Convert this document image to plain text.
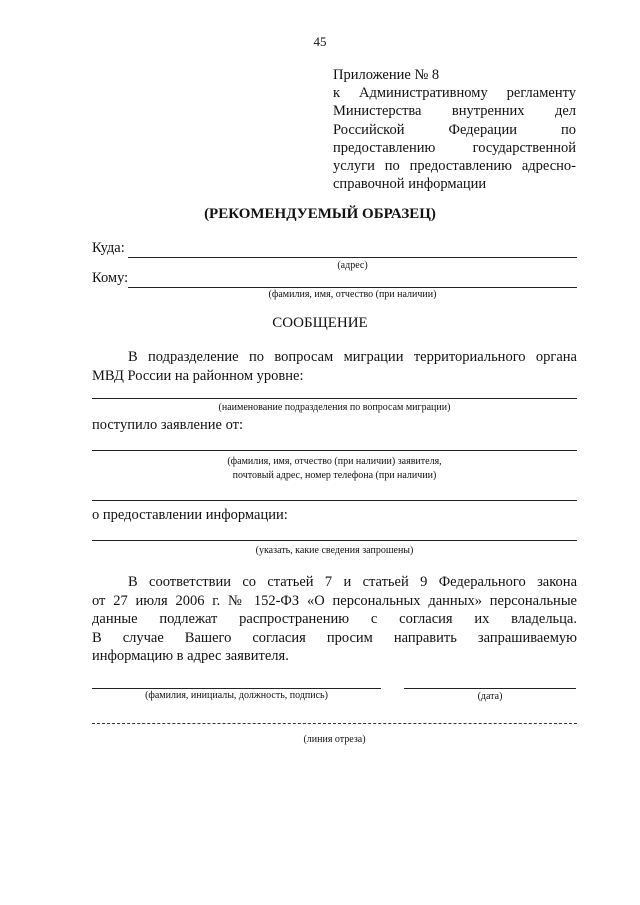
45
Приложение № 8
к Административному регламенту
Министерства внутренних дел
Российской Федерации по
предоставлению государственной
услуги по предоставлению адресно-
справочной информации
(РЕКОМЕНДУЕМЫЙ ОБРАЗЕЦ)
Куда:
(адрес)
Кому:
(фамилия, имя, отчество (при наличии)
СООБЩЕНИЕ
В подразделение по вопросам миграции территориального органа
МВД России на районном уровне:
(наименование подразделения по вопросам миграции)
поступило заявление от:
(фамилия, имя, отчество (при наличии) заявителя,
почтовый адрес, номер телефона (при наличии)
о предоставлении информации:
(указать, какие сведения запрошены)
В соответствии со статьей 7 и статьей 9 Федерального закона
от 27 июля 2006 г. № 152-ФЗ «О персональных данных» персональные
данные подлежат распространению с согласия их владельца.
В случае Вашего согласия просим направить запрашиваемую
информацию в адрес заявителя.
(фамилия, инициалы, должность, подпись)	(дата)
(линия отреза)
